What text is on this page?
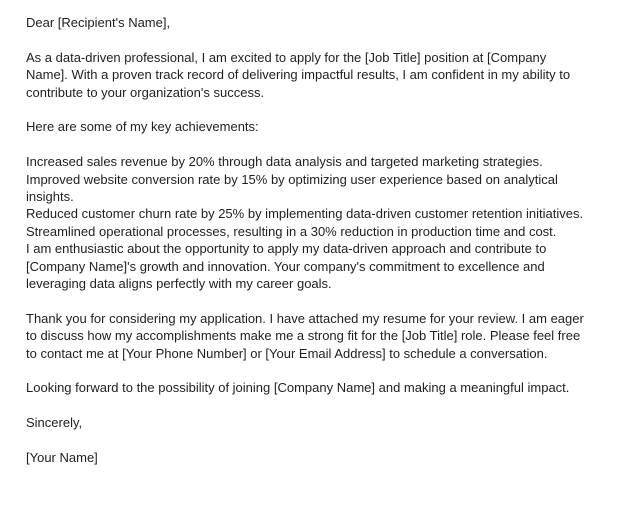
Dear [Recipient's Name],

As a data-driven professional, I am excited to apply for the [Job Title] position at [Company Name]. With a proven track record of delivering impactful results, I am confident in my ability to contribute to your organization's success.

Here are some of my key achievements:

Increased sales revenue by 20% through data analysis and targeted marketing strategies.

Improved website conversion rate by 15% by optimizing user experience based on analytical insights.

Reduced customer churn rate by 25% by implementing data-driven customer retention initiatives.

Streamlined operational processes, resulting in a 30% reduction in production time and cost.

I am enthusiastic about the opportunity to apply my data-driven approach and contribute to [Company Name]'s growth and innovation. Your company's commitment to excellence and leveraging data aligns perfectly with my career goals.

Thank you for considering my application. I have attached my resume for your review. I am eager to discuss how my accomplishments make me a strong fit for the [Job Title] role. Please feel free to contact me at [Your Phone Number] or [Your Email Address] to schedule a conversation.

Looking forward to the possibility of joining [Company Name] and making a meaningful impact.

Sincerely,

[Your Name]
